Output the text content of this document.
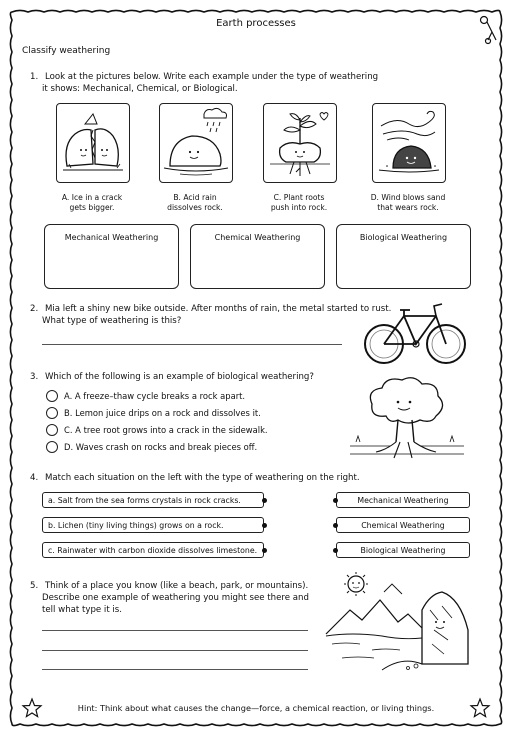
Earth processes
Classify weathering
1. Look at the pictures below. Write each example under the type of weathering
it shows: Mechanical, Chemical, or Biological.
A. Ice in a crack
gets bigger.
B. Acid rain
dissolves rock.
C. Plant roots
push into rock.
D. Wind blows sand
that wears rock.
Mechanical Weathering	Chemical Weathering	Biological Weathering
2. Mia left a shiny new bike outside. After months of rain, the metal started to rust.
What type of weathering is this?
3. Which of the following is an example of biological weathering?
A. A freeze–thaw cycle breaks a rock apart.
B. Lemon juice drips on a rock and dissolves it.
C. A tree root grows into a crack in the sidewalk.
D. Waves crash on rocks and break pieces off.
4. Match each situation on the left with the type of weathering on the right.
a. Salt from the sea forms crystals in rock cracks.
b. Lichen (tiny living things) grows on a rock.
c. Rainwater with carbon dioxide dissolves limestone.
Mechanical Weathering
Chemical Weathering
Biological Weathering
5. Think of a place you know (like a beach, park, or mountains).
Describe one example of weathering you might see there and
tell what type it is.
Hint: Think about what causes the change—force, a chemical reaction, or living things.
